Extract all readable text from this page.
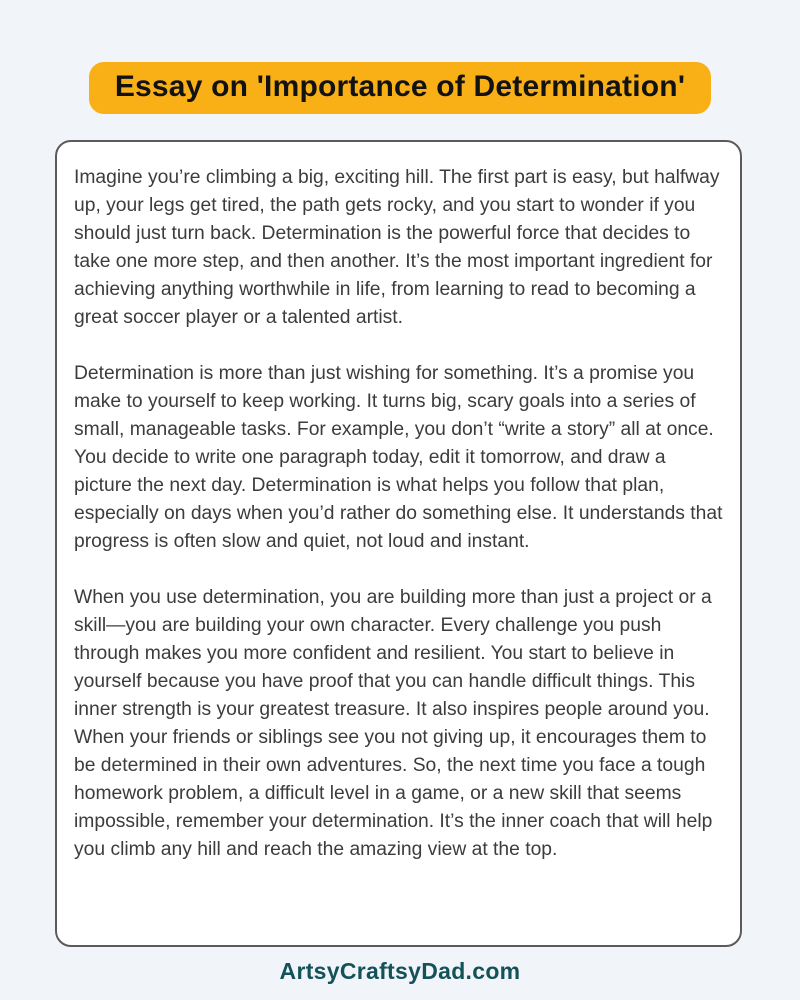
Essay on 'Importance of Determination'

Imagine you’re climbing a big, exciting hill. The first part is easy, but halfway up, your legs get tired, the path gets rocky, and you start to wonder if you should just turn back. Determination is the powerful force that decides to take one more step, and then another. It’s the most important ingredient for achieving anything worthwhile in life, from learning to read to becoming a great soccer player or a talented artist.

Determination is more than just wishing for something. It’s a promise you make to yourself to keep working. It turns big, scary goals into a series of small, manageable tasks. For example, you don’t “write a story” all at once. You decide to write one paragraph today, edit it tomorrow, and draw a picture the next day. Determination is what helps you follow that plan, especially on days when you’d rather do something else. It understands that progress is often slow and quiet, not loud and instant.

When you use determination, you are building more than just a project or a skill—you are building your own character. Every challenge you push through makes you more confident and resilient. You start to believe in yourself because you have proof that you can handle difficult things. This inner strength is your greatest treasure. It also inspires people around you. When your friends or siblings see you not giving up, it encourages them to be determined in their own adventures. So, the next time you face a tough homework problem, a difficult level in a game, or a new skill that seems impossible, remember your determination. It’s the inner coach that will help you climb any hill and reach the amazing view at the top.

ArtsyCraftsyDad.com
